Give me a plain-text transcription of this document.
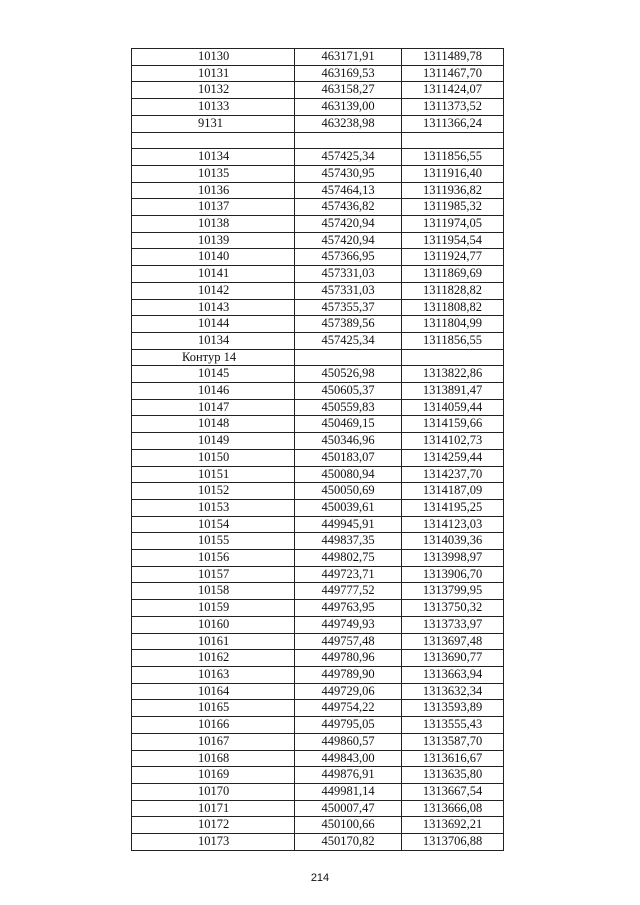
10130	463171,91	1311489,78
10131	463169,53	1311467,70
10132	463158,27	1311424,07
10133	463139,00	1311373,52
9131	463238,98	1311366,24

10134	457425,34	1311856,55
10135	457430,95	1311916,40
10136	457464,13	1311936,82
10137	457436,82	1311985,32
10138	457420,94	1311974,05
10139	457420,94	1311954,54
10140	457366,95	1311924,77
10141	457331,03	1311869,69
10142	457331,03	1311828,82
10143	457355,37	1311808,82
10144	457389,56	1311804,99
10134	457425,34	1311856,55
Контур 14		
10145	450526,98	1313822,86
10146	450605,37	1313891,47
10147	450559,83	1314059,44
10148	450469,15	1314159,66
10149	450346,96	1314102,73
10150	450183,07	1314259,44
10151	450080,94	1314237,70
10152	450050,69	1314187,09
10153	450039,61	1314195,25
10154	449945,91	1314123,03
10155	449837,35	1314039,36
10156	449802,75	1313998,97
10157	449723,71	1313906,70
10158	449777,52	1313799,95
10159	449763,95	1313750,32
10160	449749,93	1313733,97
10161	449757,48	1313697,48
10162	449780,96	1313690,77
10163	449789,90	1313663,94
10164	449729,06	1313632,34
10165	449754,22	1313593,89
10166	449795,05	1313555,43
10167	449860,57	1313587,70
10168	449843,00	1313616,67
10169	449876,91	1313635,80
10170	449981,14	1313667,54
10171	450007,47	1313666,08
10172	450100,66	1313692,21
10173	450170,82	1313706,88
214
